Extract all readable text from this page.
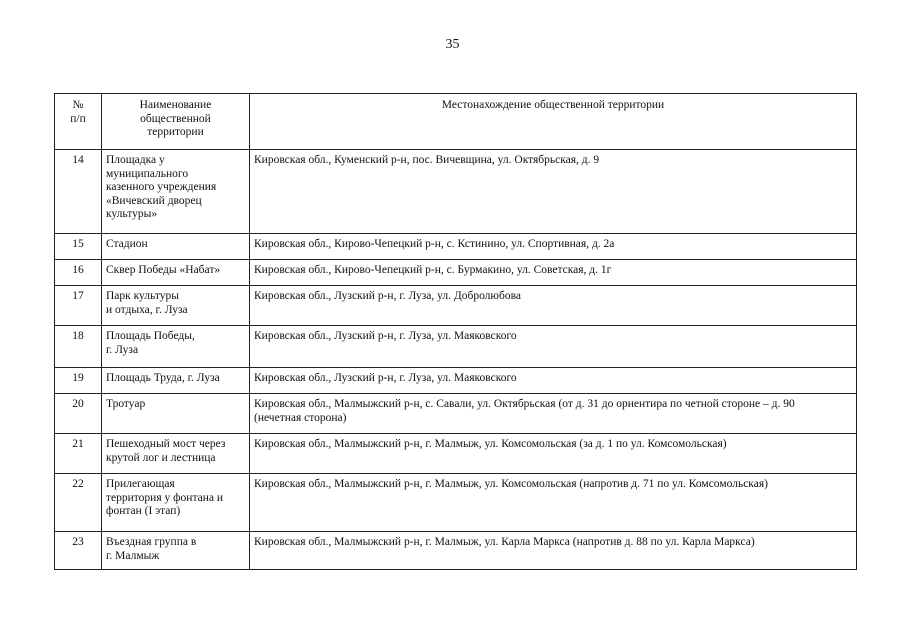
35
№
п/п	Наименование
общественной
территории	Местонахождение общественной территории
14	Площадка у
муниципального
казенного учреждения
«Вичевский дворец
культуры»	Кировская обл., Куменский р-н, пос. Вичевщина, ул. Октябрьская, д. 9
15	Стадион	Кировская обл., Кирово-Чепецкий р-н, с. Кстинино, ул. Спортивная, д. 2а
16	Сквер Победы «Набат»	Кировская обл., Кирово-Чепецкий р-н, с. Бурмакино, ул. Советская, д. 1г
17	Парк культуры
и отдыха, г. Луза	Кировская обл., Лузский р-н, г. Луза, ул. Добролюбова
18	Площадь Победы,
г. Луза	Кировская обл., Лузский р-н, г. Луза, ул. Маяковского
19	Площадь Труда, г. Луза	Кировская обл., Лузский р-н, г. Луза, ул. Маяковского
20	Тротуар	Кировская обл., Малмыжский р-н, с. Савали, ул. Октябрьская (от д. 31 до ориентира по четной стороне – д. 90
(нечетная сторона)
21	Пешеходный мост через
крутой лог и лестница	Кировская обл., Малмыжский р-н, г. Малмыж, ул. Комсомольская (за д. 1 по ул. Комсомольская)
22	Прилегающая
территория у фонтана и
фонтан (I этап)	Кировская обл., Малмыжский р-н, г. Малмыж, ул. Комсомольская (напротив д. 71 по ул. Комсомольская)
23	Въездная группа в
г. Малмыж	Кировская обл., Малмыжский р-н, г. Малмыж, ул. Карла Маркса (напротив д. 88 по ул. Карла Маркса)
